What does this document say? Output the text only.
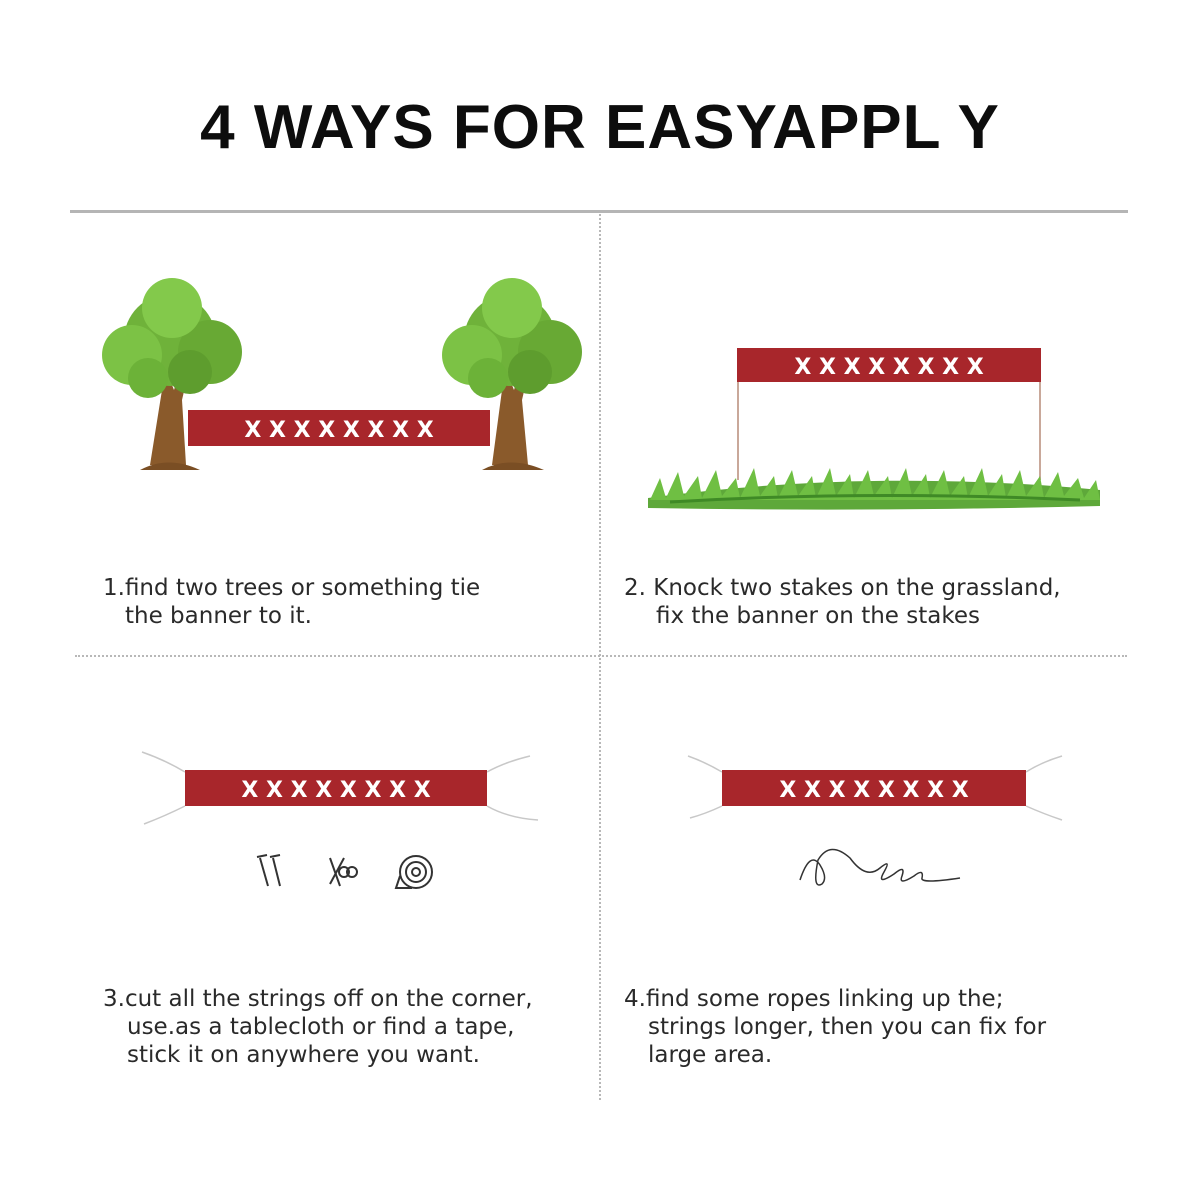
4 WAYS FOR EASYAPPL Y
X X X X X X X X
X X X X X X X X
X X X X X X X X	X X X X X X X X
1.find two trees or something tie
the banner to it.
2. Knock two stakes on the grassland,
fix the banner on the stakes
3.cut all the strings off on the corner,
use.as a tablecloth or find a tape,
stick it on anywhere you want.
4.find some ropes linking up the;
strings longer, then you can fix for
large area.
